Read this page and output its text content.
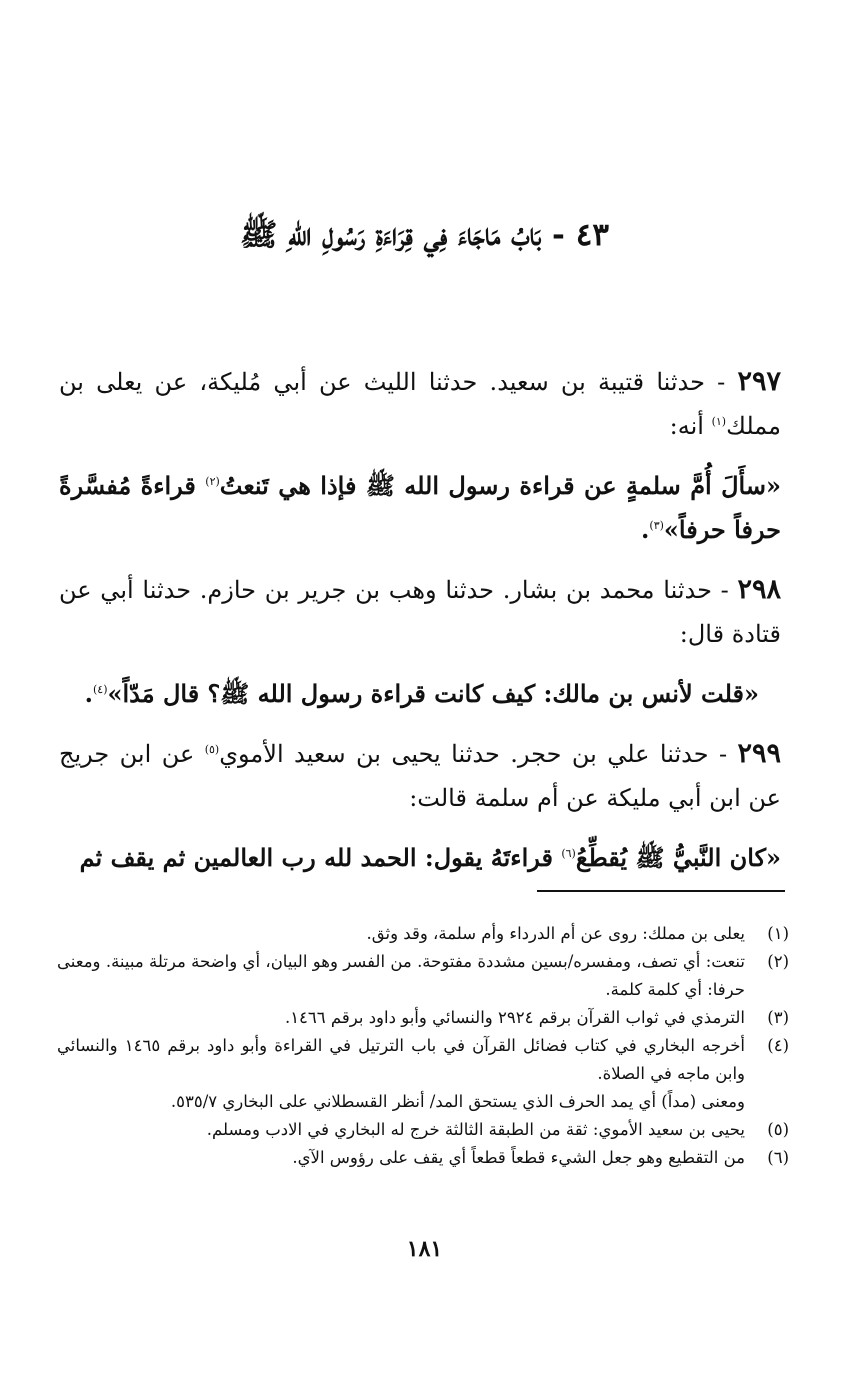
٤٣ - بَابُ مَاجَاءَ فِي قِرَاءَةِ رَسُولِ اللهِ ﷺ

٢٩٧ - حدثنا قتيبة بن سعيد. حدثنا الليث عن أبي مُليكة، عن يعلى بن مملك$^{(١)}$ أنه:

«سأَلَ أُمَّ سلمةٍ عن قراءة رسول الله ﷺ فإذا هي تَنعتُ$^{(٢)}$ قراءةً مُفسَّرةً حرفاً حرفاً»$^{(٣)}$.

٢٩٨ - حدثنا محمد بن بشار. حدثنا وهب بن جرير بن حازم. حدثنا أبي عن قتادة قال:

«قلت لأنس بن مالك: كيف كانت قراءة رسول الله ﷺ؟ قال مَدّاً»$^{(٤)}$.

٢٩٩ - حدثنا علي بن حجر. حدثنا يحيى بن سعيد الأموي$^{(٥)}$ عن ابن جريج عن ابن أبي مليكة عن أم سلمة قالت:

«كان النَّبيُّ ﷺ يُقطِّعُ$^{(٦)}$ قراءتَهُ يقول: الحمد لله رب العالمين ثم يقف ثم

(١)
يعلى بن مملك: روى عن أم الدرداء وأم سلمة، وقد وثق.
(٢)
تنعت: أي تصف، ومفسره/بسين مشددة مفتوحة. من الفسر وهو البيان، أي واضحة مرتلة مبينة. ومعنى حرفا: أي كلمة كلمة.
(٣)
الترمذي في ثواب القرآن برقم ٢٩٢٤ والنسائي وأبو داود برقم ١٤٦٦.
(٤)
أخرجه البخاري في كتاب فضائل القرآن في باب الترتيل في القراءة وأبو داود برقم ١٤٦٥ والنسائي وابن ماجه في الصلاة.
ومعنى (مداً) أي يمد الحرف الذي يستحق المد/ أنظر القسطلاني على البخاري ٥٣٥/٧.
(٥)
يحيى بن سعيد الأموي: ثقة من الطبقة الثالثة خرج له البخاري في الادب ومسلم.
(٦)
من التقطيع وهو جعل الشيء قطعاً قطعاً أي يقف على رؤوس الآي.
١٨١
